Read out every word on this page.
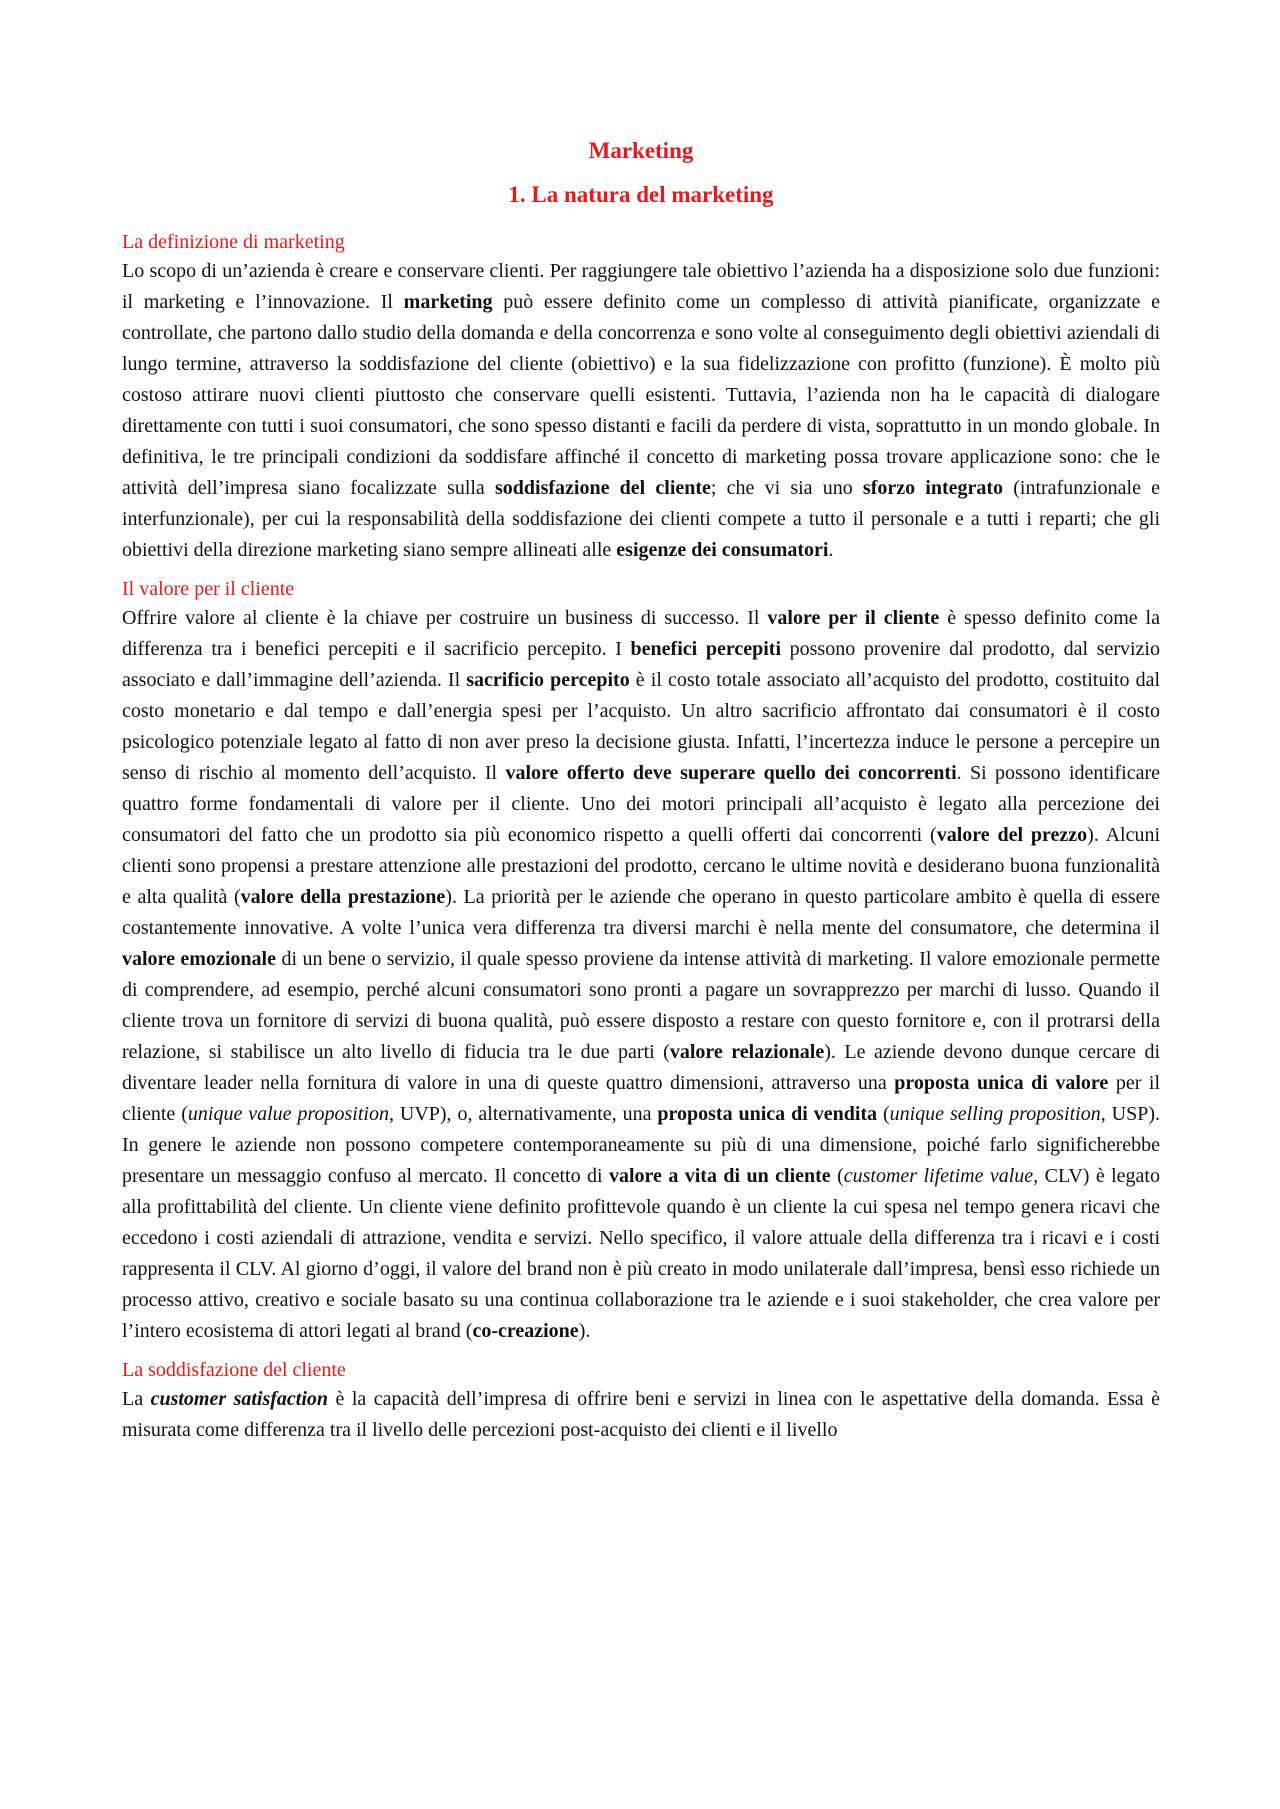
Marketing
1. La natura del marketing
La definizione di marketing

Lo scopo di un’azienda è creare e conservare clienti. Per raggiungere tale obiettivo l’azienda ha a disposizione solo due funzioni: il marketing e l’innovazione. Il marketing può essere definito come un complesso di attività pianificate, organizzate e controllate, che partono dallo studio della domanda e della concorrenza e sono volte al conseguimento degli obiettivi aziendali di lungo termine, attraverso la soddisfazione del cliente (obiettivo) e la sua fidelizzazione con profitto (funzione). È molto più costoso attirare nuovi clienti piuttosto che conservare quelli esistenti. Tuttavia, l’azienda non ha le capacità di dialogare direttamente con tutti i suoi consumatori, che sono spesso distanti e facili da perdere di vista, soprattutto in un mondo globale. In definitiva, le tre principali condizioni da soddisfare affinché il concetto di marketing possa trovare applicazione sono: che le attività dell’impresa siano focalizzate sulla soddisfazione del cliente; che vi sia uno sforzo integrato (intrafunzionale e interfunzionale), per cui la responsabilità della soddisfazione dei clienti compete a tutto il personale e a tutti i reparti; che gli obiettivi della direzione marketing siano sempre allineati alle esigenze dei consumatori.

Il valore per il cliente

Offrire valore al cliente è la chiave per costruire un business di successo. Il valore per il cliente è spesso definito come la differenza tra i benefici percepiti e il sacrificio percepito. I benefici percepiti possono provenire dal prodotto, dal servizio associato e dall’immagine dell’azienda. Il sacrificio percepito è il costo totale associato all’acquisto del prodotto, costituito dal costo monetario e dal tempo e dall’energia spesi per l’acquisto. Un altro sacrificio affrontato dai consumatori è il costo psicologico potenziale legato al fatto di non aver preso la decisione giusta. Infatti, l’incertezza induce le persone a percepire un senso di rischio al momento dell’acquisto. Il valore offerto deve superare quello dei concorrenti. Si possono identificare quattro forme fondamentali di valore per il cliente. Uno dei motori principali all’acquisto è legato alla percezione dei consumatori del fatto che un prodotto sia più economico rispetto a quelli offerti dai concorrenti (valore del prezzo). Alcuni clienti sono propensi a prestare attenzione alle prestazioni del prodotto, cercano le ultime novità e desiderano buona funzionalità e alta qualità (valore della prestazione). La priorità per le aziende che operano in questo particolare ambito è quella di essere costantemente innovative. A volte l’unica vera differenza tra diversi marchi è nella mente del consumatore, che determina il valore emozionale di un bene o servizio, il quale spesso proviene da intense attività di marketing. Il valore emozionale permette di comprendere, ad esempio, perché alcuni consumatori sono pronti a pagare un sovrapprezzo per marchi di lusso. Quando il cliente trova un fornitore di servizi di buona qualità, può essere disposto a restare con questo fornitore e, con il protrarsi della relazione, si stabilisce un alto livello di fiducia tra le due parti (valore relazionale). Le aziende devono dunque cercare di diventare leader nella fornitura di valore in una di queste quattro dimensioni, attraverso una proposta unica di valore per il cliente (unique value proposition, UVP), o, alternativamente, una proposta unica di vendita (unique selling proposition, USP). In genere le aziende non possono competere contemporaneamente su più di una dimensione, poiché farlo significherebbe presentare un messaggio confuso al mercato. Il concetto di valore a vita di un cliente (customer lifetime value, CLV) è legato alla profittabilità del cliente. Un cliente viene definito profittevole quando è un cliente la cui spesa nel tempo genera ricavi che eccedono i costi aziendali di attrazione, vendita e servizi. Nello specifico, il valore attuale della differenza tra i ricavi e i costi rappresenta il CLV. Al giorno d’oggi, il valore del brand non è più creato in modo unilaterale dall’impresa, bensì esso richiede un processo attivo, creativo e sociale basato su una continua collaborazione tra le aziende e i suoi stakeholder, che crea valore per l’intero ecosistema di attori legati al brand (co-creazione).

La soddisfazione del cliente

La customer satisfaction è la capacità dell’impresa di offrire beni e servizi in linea con le aspettative della domanda. Essa è misurata come differenza tra il livello delle percezioni post-acquisto dei clienti e il livello
